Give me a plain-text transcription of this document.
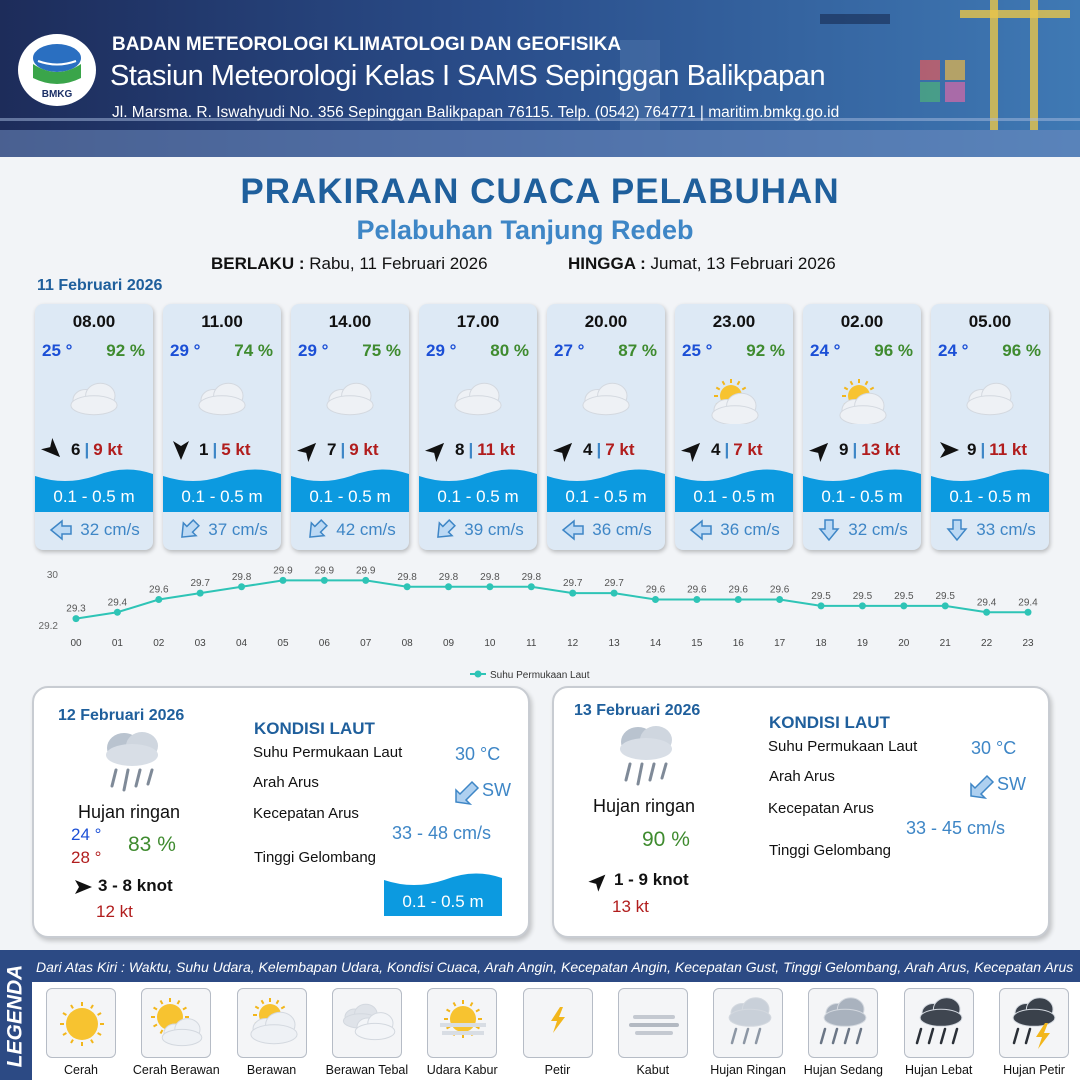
BMKG
BADAN METEOROLOGI KLIMATOLOGI DAN GEOFISIKA
Stasiun Meteorologi Kelas I SAMS Sepinggan Balikpapan
Jl. Marsma. R. Iswahyudi No. 356 Sepinggan Balikpapan 76115. Telp. (0542) 764771 | maritim.bmkg.go.id
PRAKIRAAN CUACA PELABUHAN
Pelabuhan Tanjung Redeb
BERLAKU : Rabu, 11 Februari 2026	HINGGA : Jumat, 13 Februari 2026
11 Februari 2026
08.00
25 ° 92 %
6 | 9 kt
0.1 - 0.5 m
32 cm/s
11.00
29 ° 74 %
1 | 5 kt
0.1 - 0.5 m
37 cm/s
14.00
29 ° 75 %
7 | 9 kt
0.1 - 0.5 m
42 cm/s
17.00
29 ° 80 %
8 | 11 kt
0.1 - 0.5 m
39 cm/s
20.00
27 ° 87 %
4 | 7 kt
0.1 - 0.5 m
36 cm/s
23.00
25 ° 92 %
4 | 7 kt
0.1 - 0.5 m
36 cm/s
02.00
24 ° 96 %
9 | 13 kt
0.1 - 0.5 m
32 cm/s
05.00
24 ° 96 %
9 | 11 kt
0.1 - 0.5 m
33 cm/s
30
29.2
29.3
29.4
29.6
29.7
29.8
29.9 29.9 29.9
29.8 29.8 29.8 29.8
29.7 29.7
29.6 29.6 29.6 29.6
29.5 29.5 29.5 29.5
29.4 29.4
00	01	02	03	04	05	06	07	08	09	10	11	12	13	14	15	16	17	18	19	20	21	22	23
Suhu Permukaan Laut
12 Februari 2026
Hujan ringan
24 °
28 °
83 %
3 - 8 knot
12 kt
KONDISI LAUT
Suhu Permukaan Laut	30 °C
Arah Arus	SW
Kecepatan Arus
33 - 48 cm/s
Tinggi Gelombang
0.1 - 0.5 m
13 Februari 2026
Hujan ringan
90 %
1 - 9 knot
13 kt
KONDISI LAUT
Suhu Permukaan Laut	30 °C
Arah Arus	SW
Kecepatan Arus
33 - 45 cm/s
Tinggi Gelombang
LEGENDA Dari Atas Kiri : Waktu, Suhu Udara, Kelembapan Udara, Kondisi Cuaca, Arah Angin, Kecepatan Angin, Kecepatan Gust, Tinggi Gelombang, Arah Arus, Kecepatan Arus
Cerah	Cerah Berawan	Berawan	Berawan Tebal	Udara Kabur	Petir	Kabut	Hujan Ringan	Hujan Sedang	Hujan Lebat	Hujan Petir
